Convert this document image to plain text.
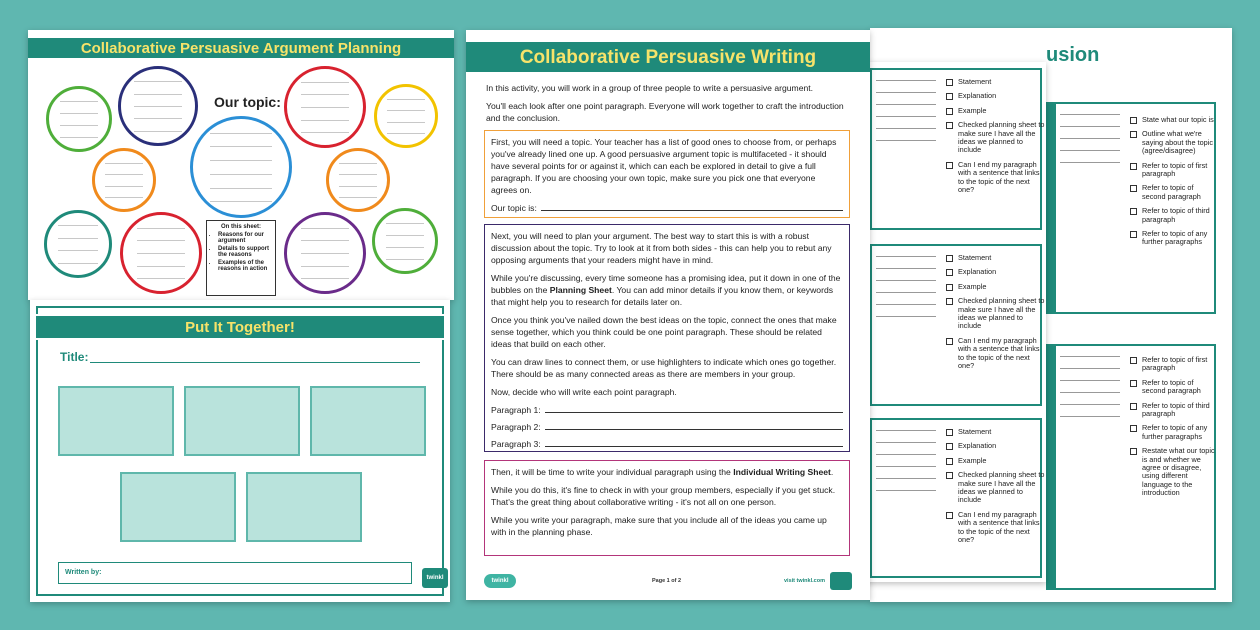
usion
State what our topic is
Outline what we're saying about the topic (agree/disagree)
Refer to topic of first paragraph
Refer to topic of second paragraph
Refer to topic of third paragraph
Refer to topic of any further paragraphs
Refer to topic of first paragraph
Refer to topic of second paragraph
Refer to topic of third paragraph
Refer to topic of any further paragraphs
Restate what our topic is and whether we agree or disagree, using different language to the introduction
Statement
Explanation
Example
Checked planning sheet to make sure I have all the ideas we planned to include
Can I end my paragraph with a sentence that links to the topic of the next one?
Statement
Explanation
Example
Checked planning sheet to make sure I have all the ideas we planned to include
Can I end my paragraph with a sentence that links to the topic of the next one?
Statement
Explanation
Example
Checked planning sheet to make sure I have all the ideas we planned to include
Can I end my paragraph with a sentence that links to the topic of the next one?
Collaborative Persuasive Argument Planning
Our topic:
On this sheet:
• Reasons for our argument
• Details to support the reasons
• Examples of the reasons in action
Put It Together!
Title:
Written by:
twinkl
Collaborative Persuasive Writing

In this activity, you will work in a group of three people to write a persuasive argument.

You'll each look after one point paragraph. Everyone will work together to craft the introduction and the conclusion.

First, you will need a topic. Your teacher has a list of good ones to choose from, or perhaps you've already lined one up. A good persuasive argument topic is multifaceted - it should have several points for or against it, which can each be explored in detail to give a full paragraph. If you are choosing your own topic, make sure you pick one that everyone agrees on.

Our topic is:

Next, you will need to plan your argument. The best way to start this is with a robust discussion about the topic. Try to look at it from both sides - this can help you to rebut any opposing arguments that your readers might have in mind.

While you're discussing, every time someone has a promising idea, put it down in one of the bubbles on the Planning Sheet. You can add minor details if you know them, or keywords that might help you to research for details later on.

Once you think you've nailed down the best ideas on the topic, connect the ones that make sense together, which you think could be one point paragraph. These should be related ideas that build on each other.

You can draw lines to connect them, or use highlighters to indicate which ones go together. There should be as many connected areas as there are members in your group.

Now, decide who will write each point paragraph.

Paragraph 1:
Paragraph 2:
Paragraph 3:

Then, it will be time to write your individual paragraph using the Individual Writing Sheet.

While you do this, it's fine to check in with your group members, especially if you get stuck. That's the great thing about collaborative writing - it's not all on one person.

While you write your paragraph, make sure that you include all of the ideas you came up with in the planning phase.

twinkl	Page 1 of 2	visit twinkl.com
